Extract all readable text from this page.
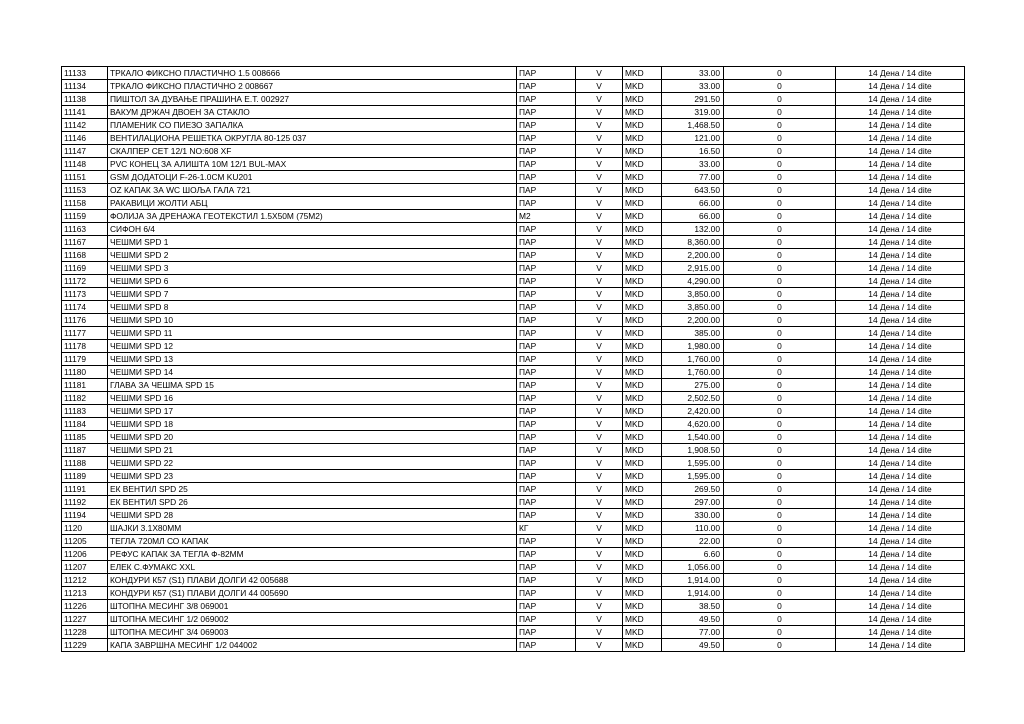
11133	ТРКАЛО ФИКСНО ПЛАСТИЧНО 1.5 008666	ПАР	V	MKD	33.00	0	14 Дена / 14 dite
11134	ТРКАЛО ФИКСНО ПЛАСТИЧНО 2 008667	ПАР	V	MKD	33.00	0	14 Дена / 14 dite
11138	ПИШТОЛ ЗА ДУВАЊЕ ПРАШИНА Е.Т. 002927	ПАР	V	MKD	291.50	0	14 Дена / 14 dite
11141	ВАКУМ ДРЖАЧ ДВОЕН ЗА СТАКЛО	ПАР	V	MKD	319.00	0	14 Дена / 14 dite
11142	ПЛАМЕНИК СО ПИЕЗО ЗАПАЛКА	ПАР	V	MKD	1,468.50	0	14 Дена / 14 dite
11146	ВЕНТИЛАЦИОНА РЕШЕТКА ОКРУГЛА 80-125 037	ПАР	V	MKD	121.00	0	14 Дена / 14 dite
11147	СКАЛПЕР СЕТ 12/1 NO:608 XF	ПАР	V	MKD	16.50	0	14 Дена / 14 dite
11148	PVC КОНЕЦ ЗА АЛИШТА 10М 12/1 BUL-MAX	ПАР	V	MKD	33.00	0	14 Дена / 14 dite
11151	GSM ДОДАТОЦИ F-26-1.0CM KU201	ПАР	V	MKD	77.00	0	14 Дена / 14 dite
11153	OZ КАПАК ЗА WC ШОЉА ГАЛА 721	ПАР	V	MKD	643.50	0	14 Дена / 14 dite
11158	РАКАВИЦИ ЖОЛТИ АБЦ	ПАР	V	MKD	66.00	0	14 Дена / 14 dite
11159	ФОЛИЈА ЗА ДРЕНАЖА ГЕОТЕКСТИЛ 1.5X50M (75M2)	M2	V	MKD	66.00	0	14 Дена / 14 dite
11163	СИФОН 6/4	ПАР	V	MKD	132.00	0	14 Дена / 14 dite
11167	ЧЕШМИ SPD 1	ПАР	V	MKD	8,360.00	0	14 Дена / 14 dite
11168	ЧЕШМИ SPD 2	ПАР	V	MKD	2,200.00	0	14 Дена / 14 dite
11169	ЧЕШМИ SPD 3	ПАР	V	MKD	2,915.00	0	14 Дена / 14 dite
11172	ЧЕШМИ SPD 6	ПАР	V	MKD	4,290.00	0	14 Дена / 14 dite
11173	ЧЕШМИ SPD 7	ПАР	V	MKD	3,850.00	0	14 Дена / 14 dite
11174	ЧЕШМИ SPD 8	ПАР	V	MKD	3,850.00	0	14 Дена / 14 dite
11176	ЧЕШМИ SPD 10	ПАР	V	MKD	2,200.00	0	14 Дена / 14 dite
11177	ЧЕШМИ SPD 11	ПАР	V	MKD	385.00	0	14 Дена / 14 dite
11178	ЧЕШМИ SPD 12	ПАР	V	MKD	1,980.00	0	14 Дена / 14 dite
11179	ЧЕШМИ SPD 13	ПАР	V	MKD	1,760.00	0	14 Дена / 14 dite
11180	ЧЕШМИ SPD 14	ПАР	V	MKD	1,760.00	0	14 Дена / 14 dite
11181	ГЛАВА ЗА ЧЕШМА SPD 15	ПАР	V	MKD	275.00	0	14 Дена / 14 dite
11182	ЧЕШМИ SPD 16	ПАР	V	MKD	2,502.50	0	14 Дена / 14 dite
11183	ЧЕШМИ SPD 17	ПАР	V	MKD	2,420.00	0	14 Дена / 14 dite
11184	ЧЕШМИ SPD 18	ПАР	V	MKD	4,620.00	0	14 Дена / 14 dite
11185	ЧЕШМИ SPD 20	ПАР	V	MKD	1,540.00	0	14 Дена / 14 dite
11187	ЧЕШМИ SPD 21	ПАР	V	MKD	1,908.50	0	14 Дена / 14 dite
11188	ЧЕШМИ SPD 22	ПАР	V	MKD	1,595.00	0	14 Дена / 14 dite
11189	ЧЕШМИ SPD 23	ПАР	V	MKD	1,595.00	0	14 Дена / 14 dite
11191	ЕК ВЕНТИЛ SPD 25	ПАР	V	MKD	269.50	0	14 Дена / 14 dite
11192	ЕК ВЕНТИЛ SPD 26	ПАР	V	MKD	297.00	0	14 Дена / 14 dite
11194	ЧЕШМИ SPD 28	ПАР	V	MKD	330.00	0	14 Дена / 14 dite
1120	ШАЈКИ 3.1X80MM	КГ	V	MKD	110.00	0	14 Дена / 14 dite
11205	ТЕГЛА 720МЛ СО КАПАК	ПАР	V	MKD	22.00	0	14 Дена / 14 dite
11206	РЕФУС КАПАК ЗА ТЕГЛА Ф-82ММ	ПАР	V	MKD	6.60	0	14 Дена / 14 dite
11207	ЕЛЕК С.ФУМАКС XXL	ПАР	V	MKD	1,056.00	0	14 Дена / 14 dite
11212	КОНДУРИ К57 (S1) ПЛАВИ ДОЛГИ 42 005688	ПАР	V	MKD	1,914.00	0	14 Дена / 14 dite
11213	КОНДУРИ К57 (S1) ПЛАВИ ДОЛГИ 44 005690	ПАР	V	MKD	1,914.00	0	14 Дена / 14 dite
11226	ШТОПНА МЕСИНГ 3/8 069001	ПАР	V	MKD	38.50	0	14 Дена / 14 dite
11227	ШТОПНА МЕСИНГ 1/2 069002	ПАР	V	MKD	49.50	0	14 Дена / 14 dite
11228	ШТОПНА МЕСИНГ 3/4 069003	ПАР	V	MKD	77.00	0	14 Дена / 14 dite
11229	КАПА ЗАВРШНА МЕСИНГ 1/2 044002	ПАР	V	MKD	49.50	0	14 Дена / 14 dite
